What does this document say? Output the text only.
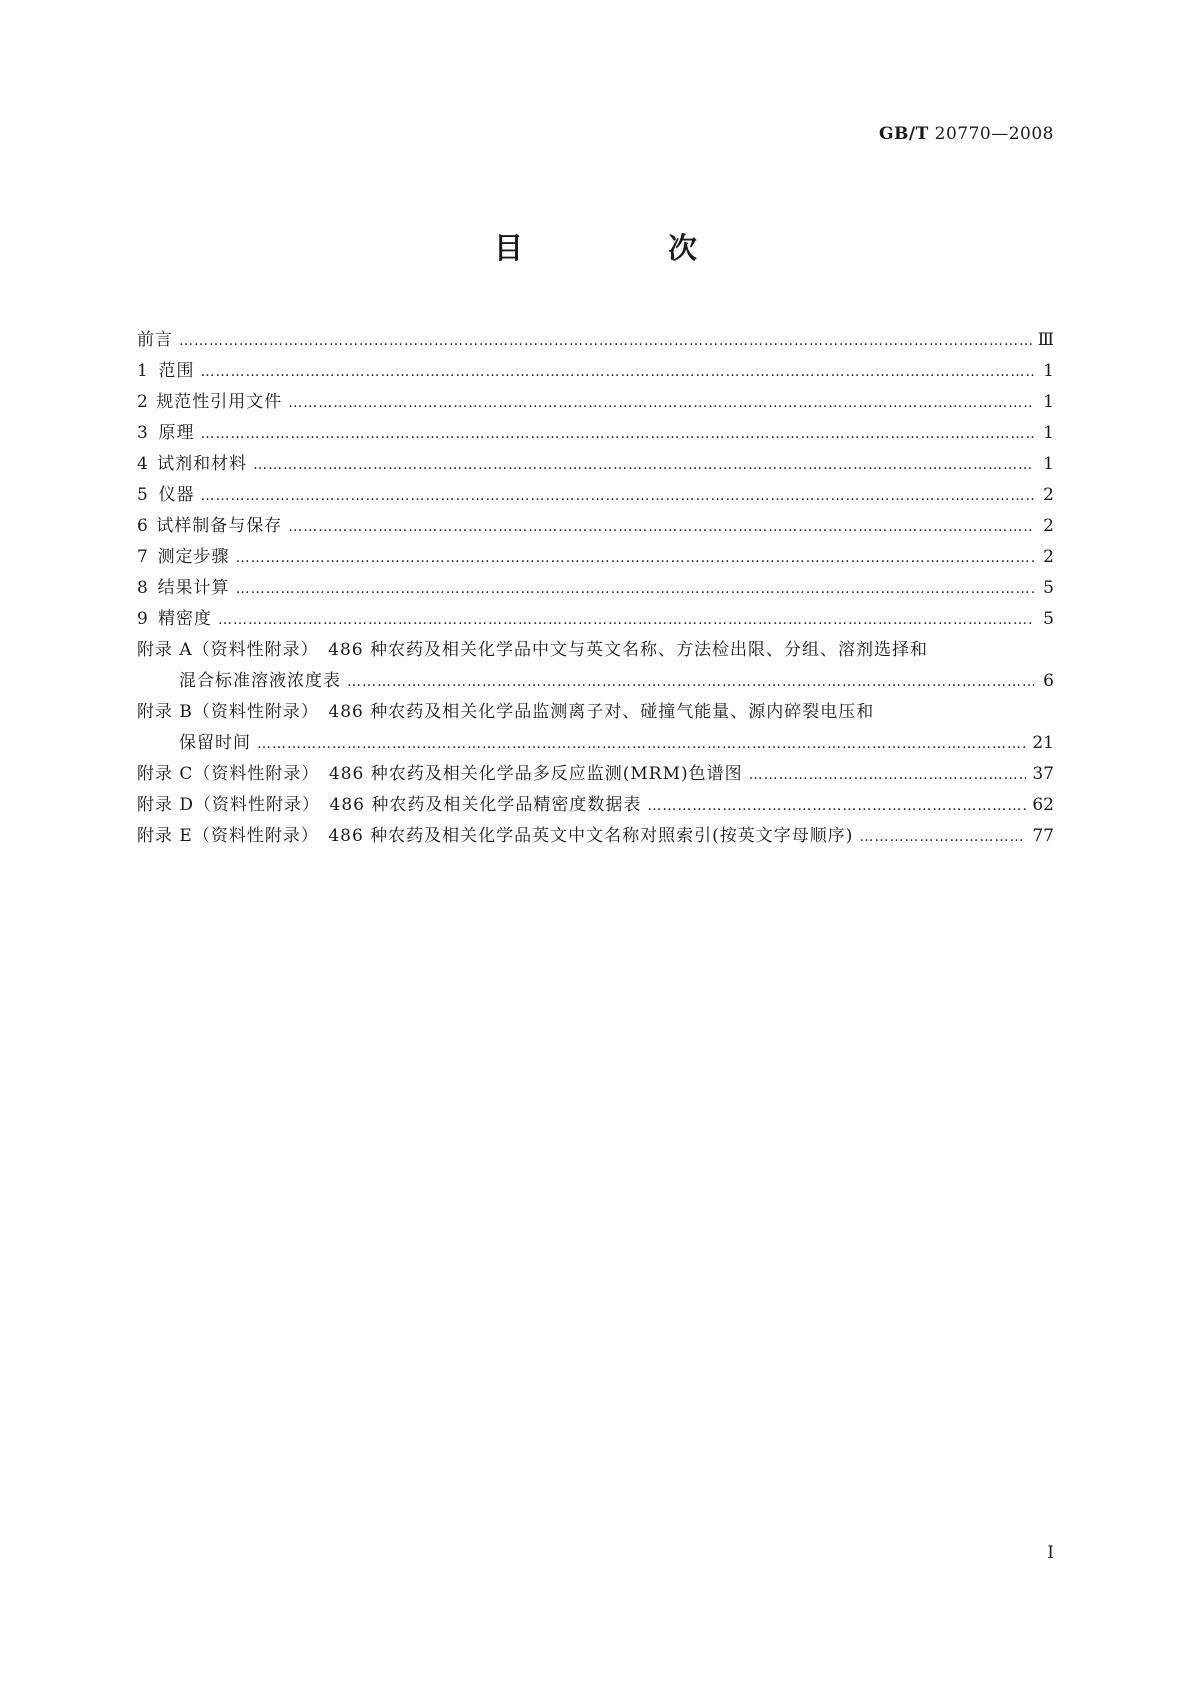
GB/T 20770—2008
目　次
前言 …………………………………………………………………………………………………………………………………………………………………………………………………………………………………………	Ⅲ
1 范围 …………………………………………………………………………………………………………………………………………………………………………………………………………………………………………	1
2 规范性引用文件 …………………………………………………………………………………………………………………………………………………………………………………………………………………………………………	1
3 原理 …………………………………………………………………………………………………………………………………………………………………………………………………………………………………………	1
4 试剂和材料 …………………………………………………………………………………………………………………………………………………………………………………………………………………………………………	1
5 仪器 …………………………………………………………………………………………………………………………………………………………………………………………………………………………………………	2
6 试样制备与保存 …………………………………………………………………………………………………………………………………………………………………………………………………………………………………………	2
7 测定步骤 …………………………………………………………………………………………………………………………………………………………………………………………………………………………………………	2
8 结果计算 …………………………………………………………………………………………………………………………………………………………………………………………………………………………………………	5
9 精密度 …………………………………………………………………………………………………………………………………………………………………………………………………………………………………………	5
附录 A（资料性附录）　486 种农药及相关化学品中文与英文名称、方法检出限、分组、溶剂选择和
混合标准溶液浓度表 …………………………………………………………………………………………………………………………………………………………………………………………………………………………………………	6
附录 B（资料性附录）　486 种农药及相关化学品监测离子对、碰撞气能量、源内碎裂电压和
保留时间 …………………………………………………………………………………………………………………………………………………………………………………………………………………………………………	21
附录 C（资料性附录）　486 种农药及相关化学品多反应监测(MRM)色谱图 …………………………………………………………………………………………………………………………………………………………………………………………………………………………………………	37
附录 D（资料性附录）　486 种农药及相关化学品精密度数据表 …………………………………………………………………………………………………………………………………………………………………………………………………………………………………………	62
附录 E（资料性附录）　486 种农药及相关化学品英文中文名称对照索引(按英文字母顺序) …………………………………………………………………………………………………………………………………………………………………………………………………………………………………………	77
I
